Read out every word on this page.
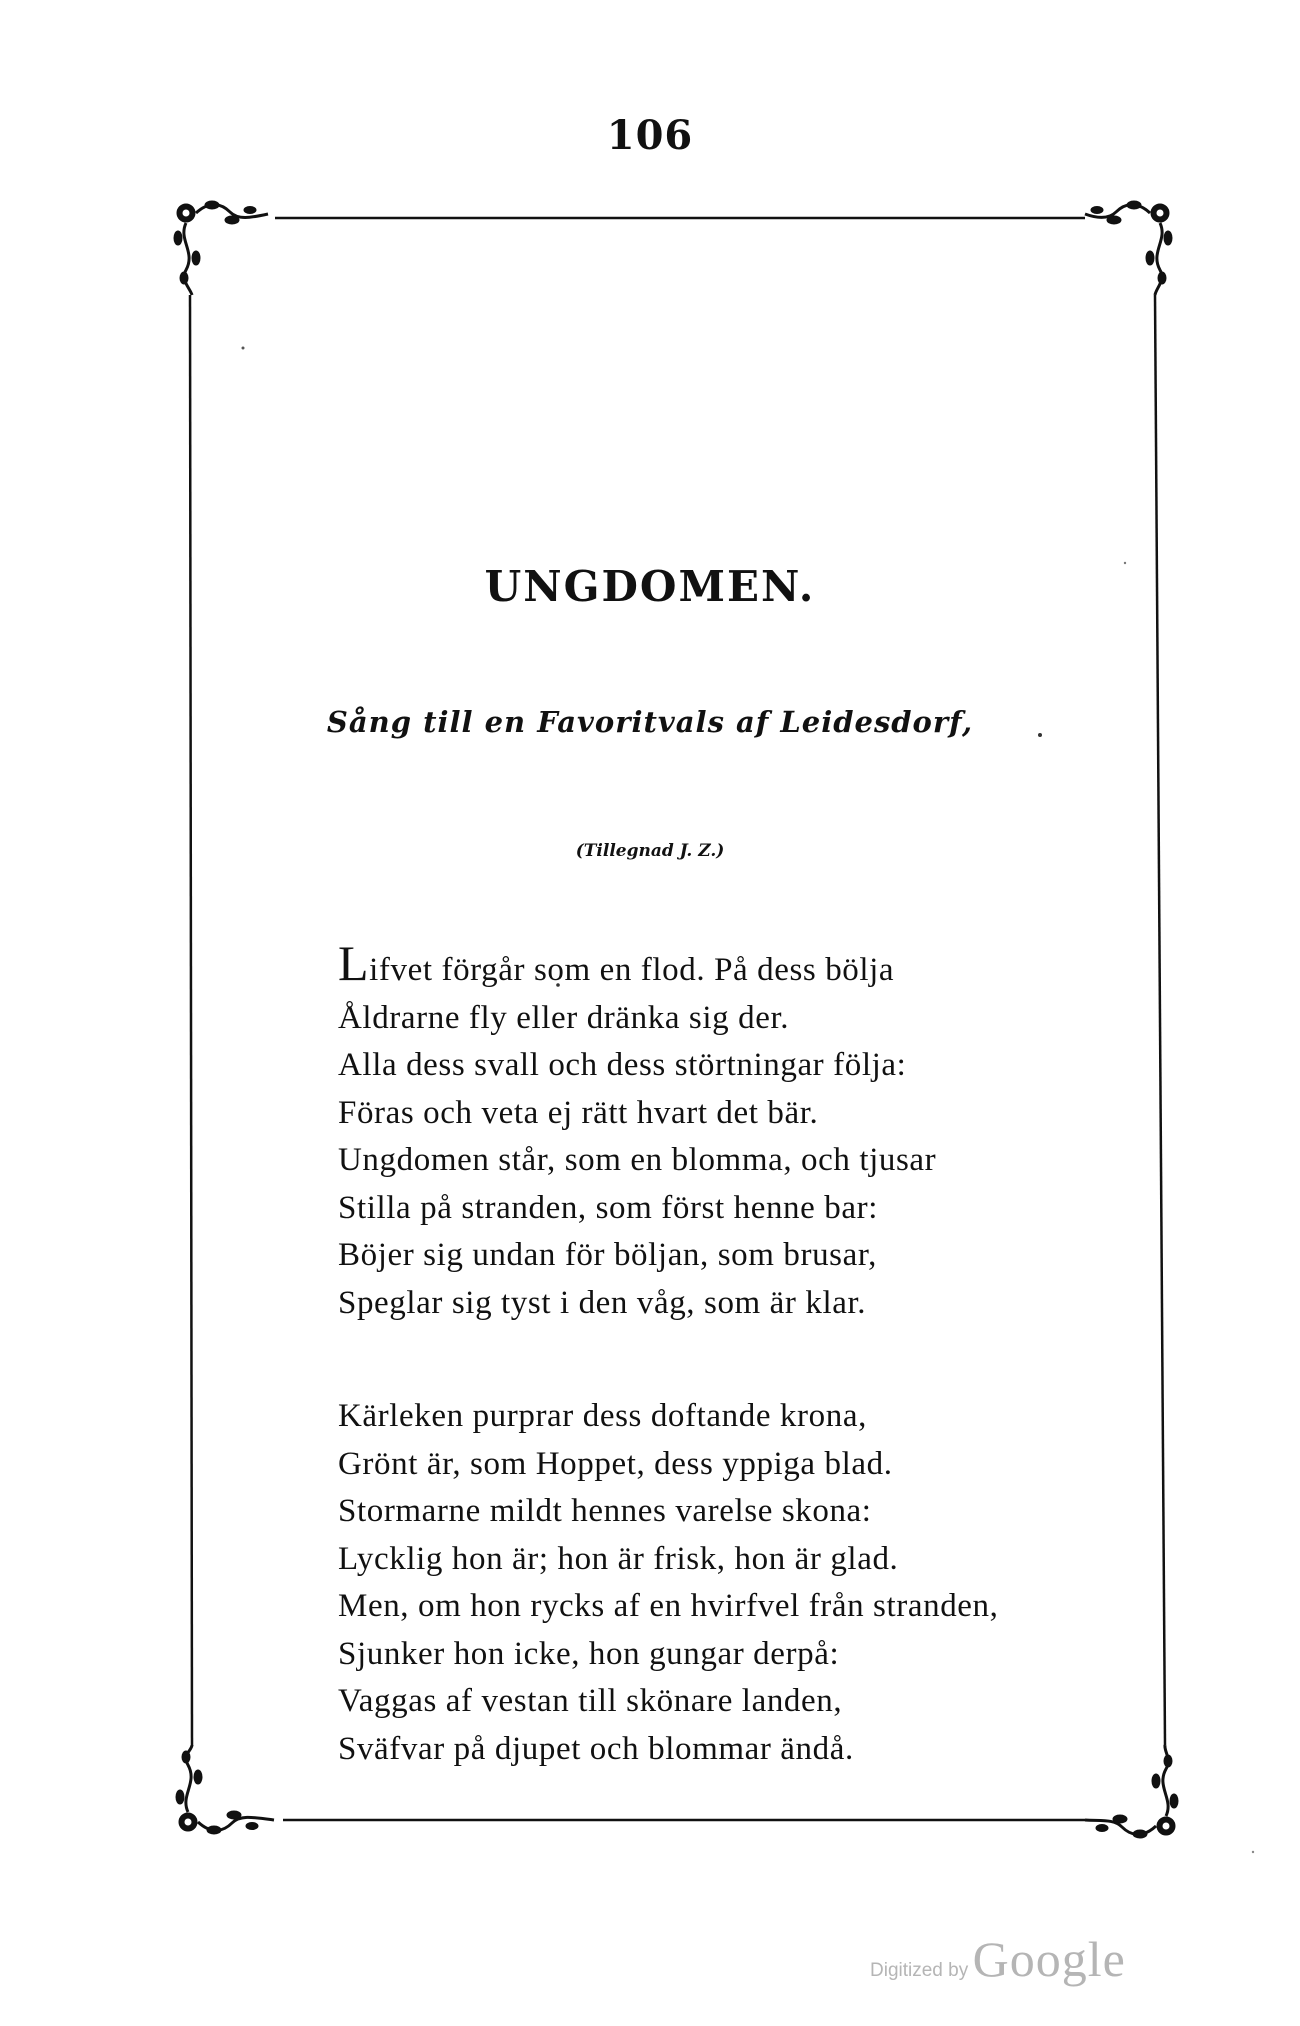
106
UNGDOMEN.
Sång till en Favoritvals af Leidesdorf,
(Tillegnad J. Z.)
Lifvet förgår som en flod. På dess bölja
Åldrarne fly eller dränka sig der.
Alla dess svall och dess störtningar följa:
Föras och veta ej rätt hvart det bär.
Ungdomen står, som en blomma, och tjusar
Stilla på stranden, som först henne bar:
Böjer sig undan för böljan, som brusar,
Speglar sig tyst i den våg, som är klar.
Kärleken purprar dess doftande krona,
Grönt är, som Hoppet, dess yppiga blad.
Stormarne mildt hennes varelse skona:
Lycklig hon är; hon är frisk, hon är glad.
Men, om hon rycks af en hvirfvel från stranden,
Sjunker hon icke, hon gungar derpå:
Vaggas af vestan till skönare landen,
Sväfvar på djupet och blommar ändå.
Digitized by Google
